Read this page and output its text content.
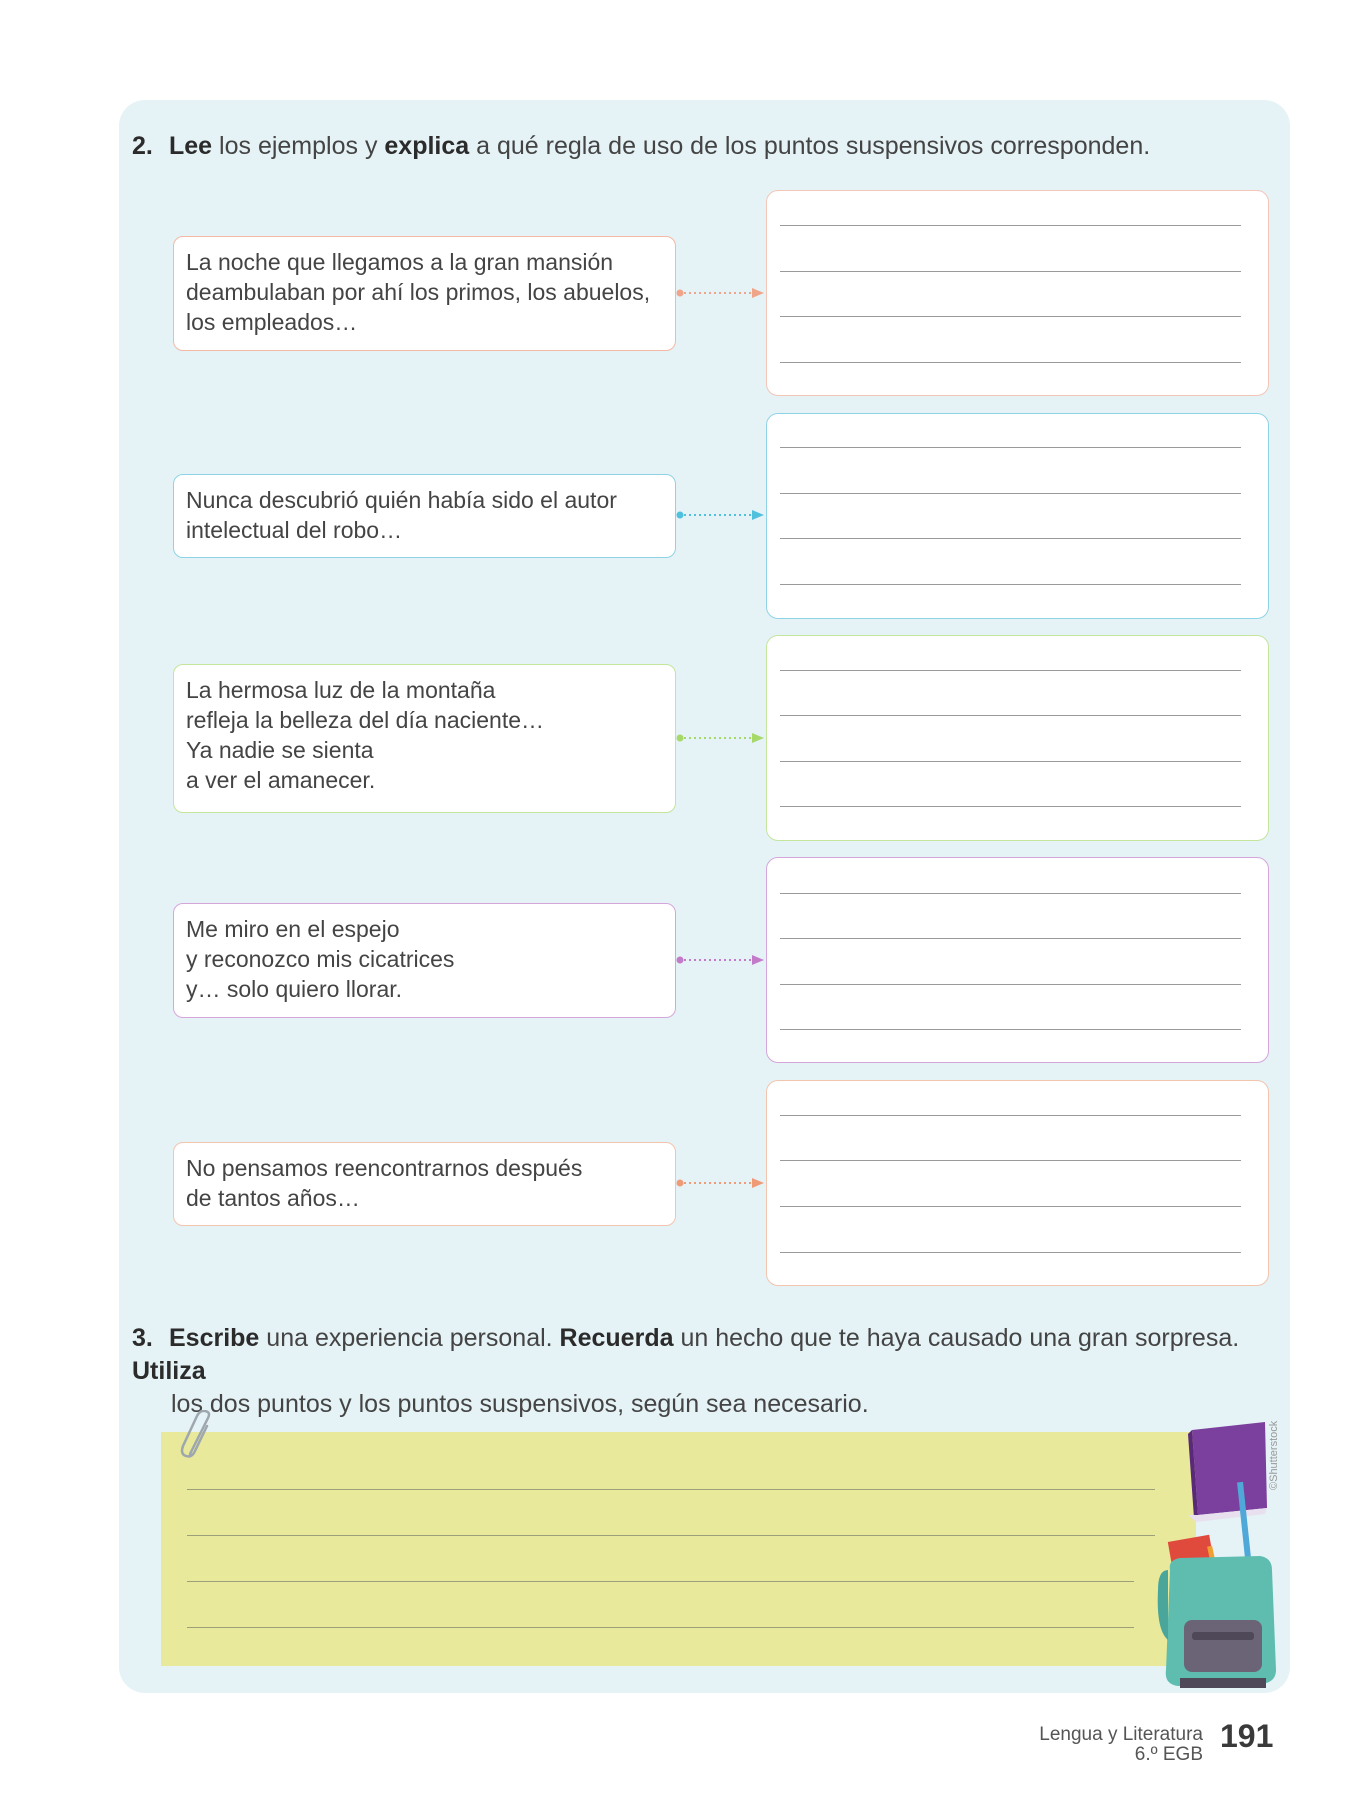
2. Lee los ejemplos y explica a qué regla de uso de los puntos suspensivos corresponden.
La noche que llegamos a la gran mansión
deambulaban por ahí los primos, los abuelos,
los empleados…
Nunca descubrió quién había sido el autor
intelectual del robo…
La hermosa luz de la montaña
refleja la belleza del día naciente…
Ya nadie se sienta
a ver el amanecer.
Me miro en el espejo
y reconozco mis cicatrices
y… solo quiero llorar.
No pensamos reencontrarnos después
de tantos años…
3. Escribe una experiencia personal. Recuerda un hecho que te haya causado una gran sorpresa. Utiliza
los dos puntos y los puntos suspensivos, según sea necesario.
©Shutterstock
Lengua y Literatura
6.º EGB
191
